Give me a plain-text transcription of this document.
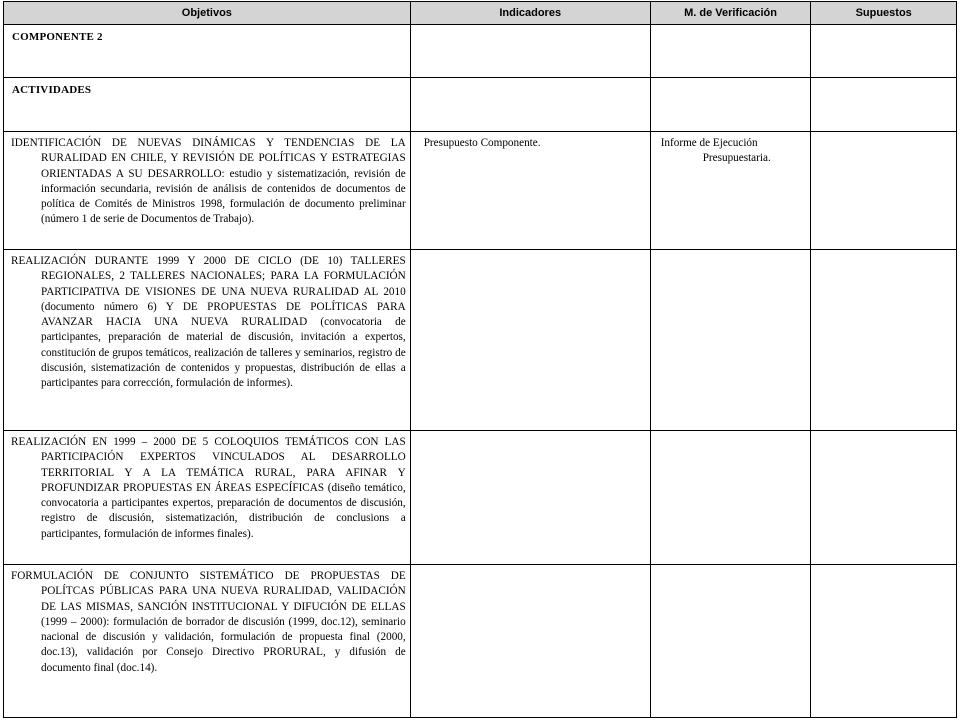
Objetivos	Indicadores	M. de Verificación	Supuestos

COMPONENTE 2			

ACTIVIDADES			

IDENTIFICACIÓN DE NUEVAS DINÁMICAS Y TENDENCIAS DE LA RURALIDAD EN CHILE, Y REVISIÓN DE POLÍTICAS Y ESTRATEGIAS ORIENTADAS A SU DESARROLLO: estudio y sistematización, revisión de información secundaria, revisión de análisis de contenidos de documentos de política de Comités de Ministros 1998, formulación de documento preliminar (número 1 de serie de Documentos de Trabajo).	Presupuesto Componente.	Informe de Ejecución
Presupuestaria.	

REALIZACIÓN DURANTE 1999 Y 2000 DE CICLO (DE 10) TALLERES REGIONALES, 2 TALLERES NACIONALES; PARA LA FORMULACIÓN PARTICIPATIVA DE VISIONES DE UNA NUEVA RURALIDAD AL 2010 (documento número 6) Y DE PROPUESTAS DE POLÍTICAS PARA AVANZAR HACIA UNA NUEVA RURALIDAD (convocatoria de participantes, preparación de material de discusión, invitación a expertos, constitución de grupos temáticos, realización de talleres y seminarios, registro de discusión, sistematización de contenidos y propuestas, distribución de ellas a participantes para corrección, formulación de informes).			

REALIZACIÓN EN 1999 – 2000 DE 5 COLOQUIOS TEMÁTICOS CON LAS PARTICIPACIÓN EXPERTOS VINCULADOS AL DESARROLLO TERRITORIAL Y A LA TEMÁTICA RURAL, PARA AFINAR Y PROFUNDIZAR PROPUESTAS EN ÁREAS ESPECÍFICAS (diseño temático, convocatoria a participantes expertos, preparación de documentos de discusión, registro de discusión, sistematización, distribución de conclusions a participantes, formulación de informes finales).			

FORMULACIÓN DE CONJUNTO SISTEMÁTICO DE PROPUESTAS DE POLÍTCAS PÚBLICAS PARA UNA NUEVA RURALIDAD, VALIDACIÓN DE LAS MISMAS, SANCIÓN INSTITUCIONAL Y DIFUCIÓN DE ELLAS (1999 – 2000): formulación de borrador de discusión (1999, doc.12), seminario nacional de discusión y validación, formulación de propuesta final (2000, doc.13), validación por Consejo Directivo PRORURAL, y difusión de documento final (doc.14).			
